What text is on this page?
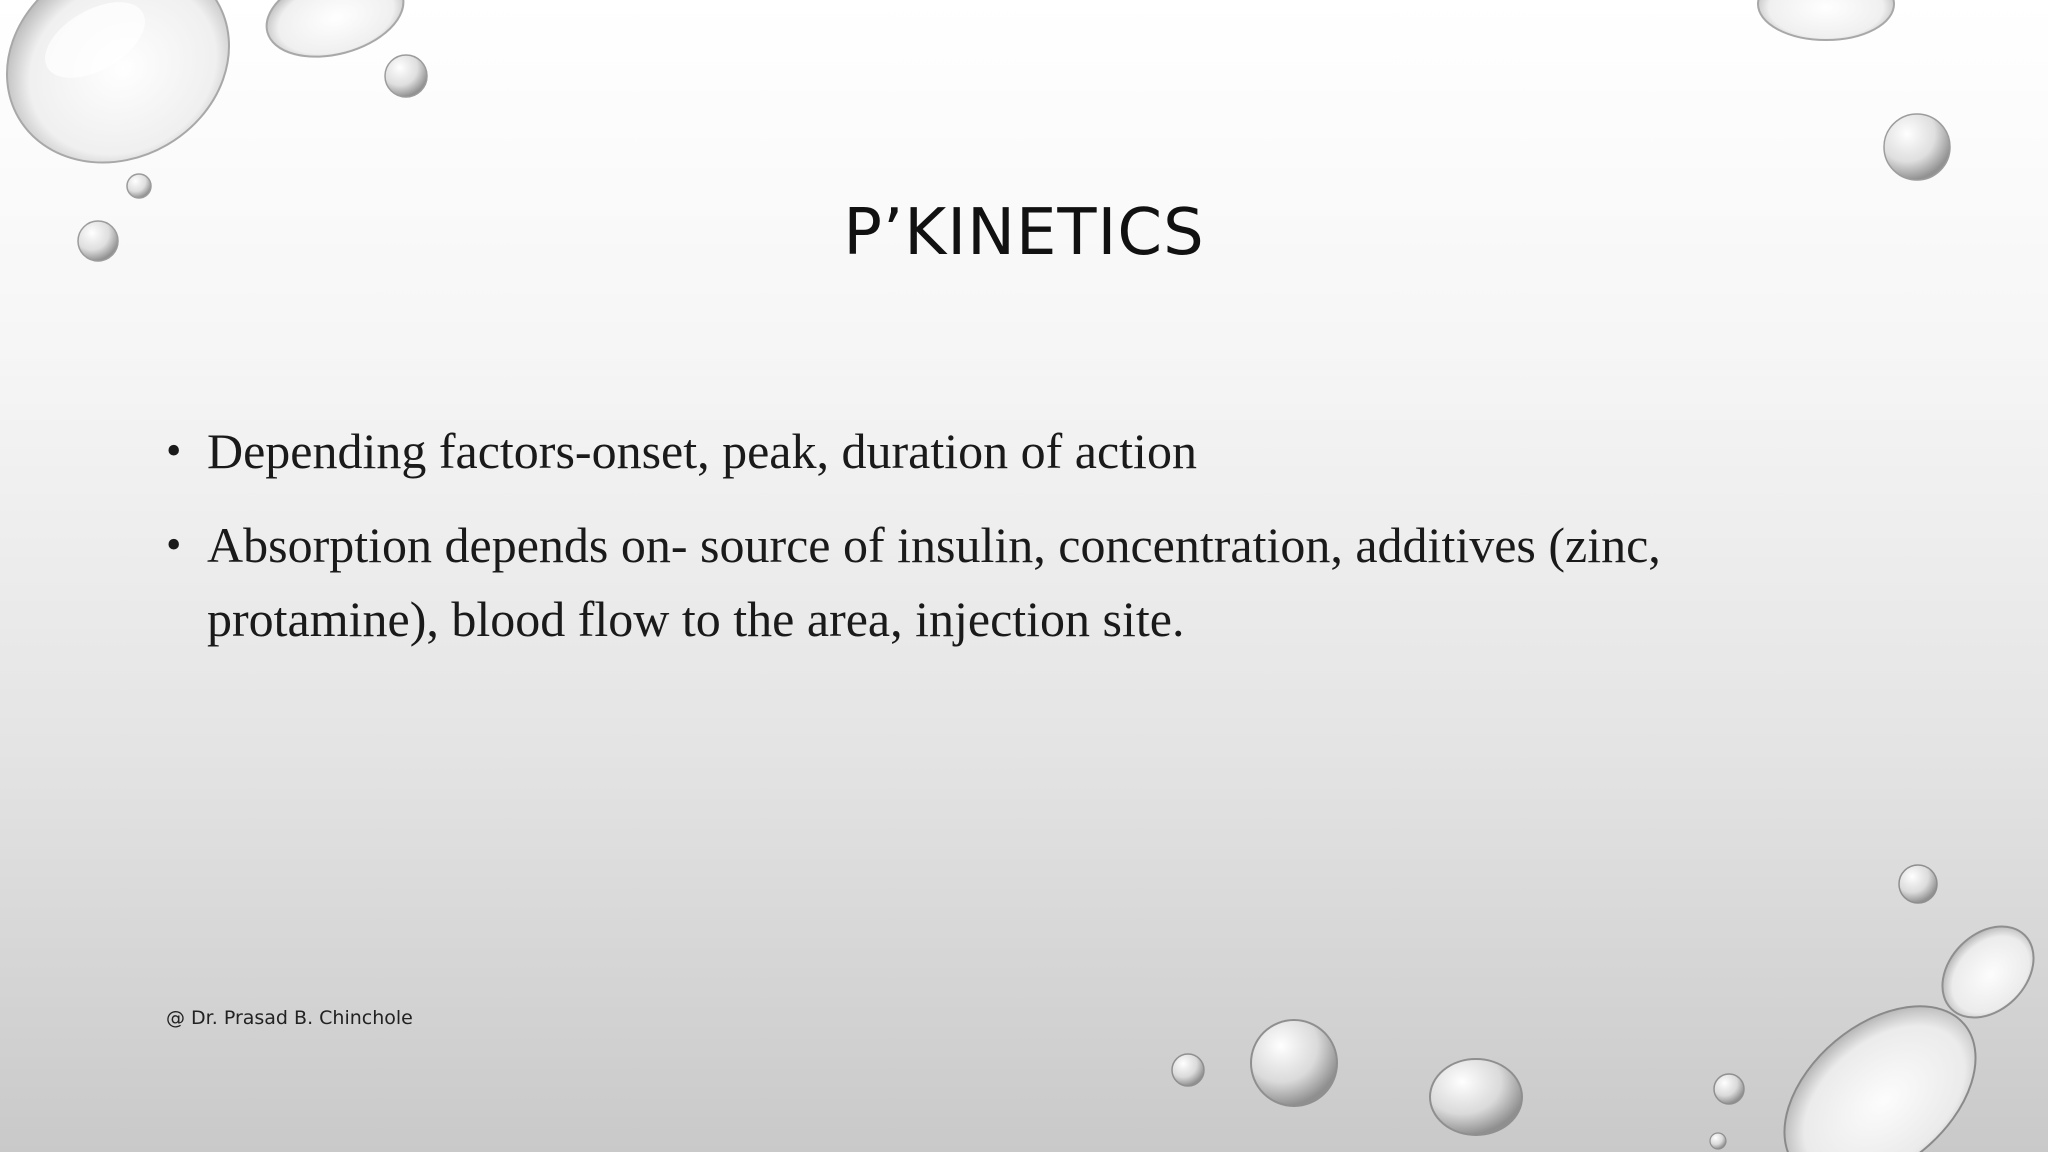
P’KINETICS
• Depending factors-onset, peak, duration of action
• Absorption depends on- source of insulin, concentration, additives (zinc, protamine), blood flow to the area, injection site.
@ Dr. Prasad B. Chinchole
